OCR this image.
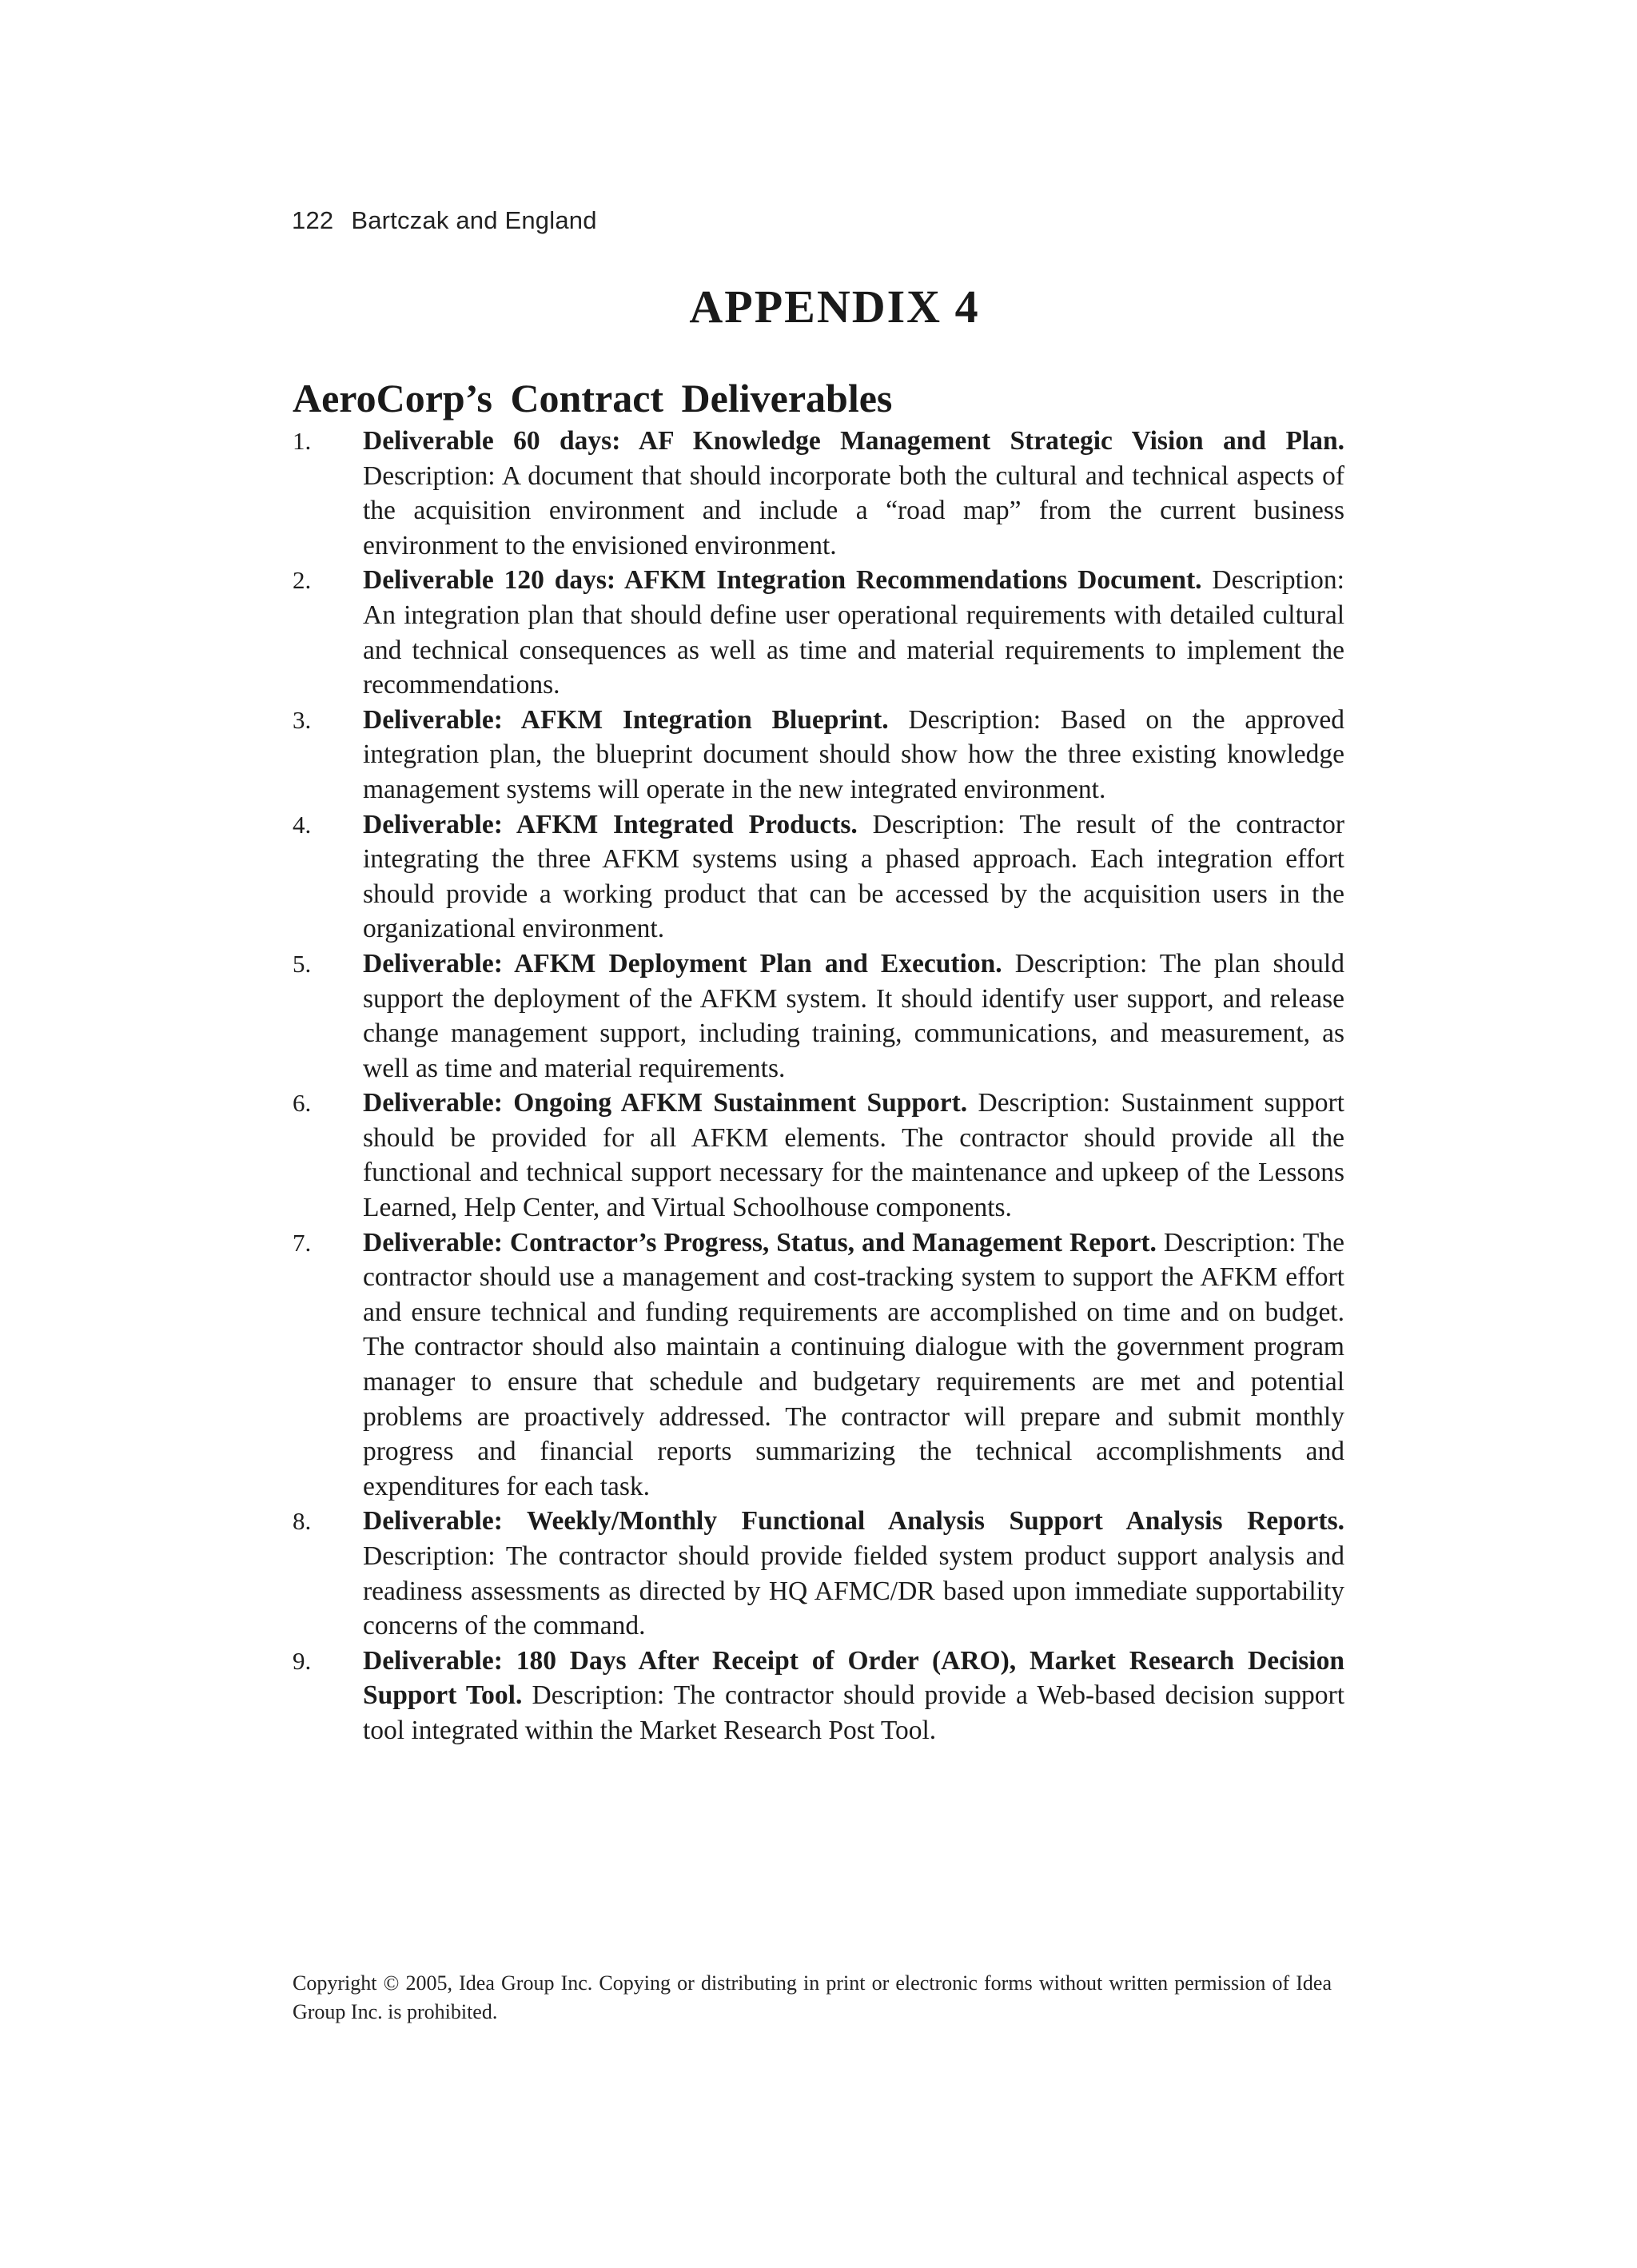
122 Bartczak and England
APPENDIX 4
AeroCorp’s Contract Deliverables
1.	Deliverable 60 days: AF Knowledge Management Strategic Vision and Plan. Description: A document that should incorporate both the cultural and technical aspects of the acquisition environment and include a “road map” from the current business environment to the envisioned environment.
2.	Deliverable 120 days: AFKM Integration Recommendations Document. Description: An integration plan that should define user operational requirements with detailed cultural and technical consequences as well as time and material requirements to implement the recommendations.
3.	Deliverable: AFKM Integration Blueprint. Description: Based on the approved integration plan, the blueprint document should show how the three existing knowledge management systems will operate in the new integrated environment.
4.	Deliverable: AFKM Integrated Products. Description: The result of the contractor integrating the three AFKM systems using a phased approach. Each integration effort should provide a working product that can be accessed by the acquisition users in the organizational environment.
5.	Deliverable: AFKM Deployment Plan and Execution. Description: The plan should support the deployment of the AFKM system. It should identify user support, and release change management support, including training, communications, and measurement, as well as time and material requirements.
6.	Deliverable: Ongoing AFKM Sustainment Support. Description: Sustainment support should be provided for all AFKM elements. The contractor should provide all the functional and technical support necessary for the maintenance and upkeep of the Lessons Learned, Help Center, and Virtual Schoolhouse components.
7.	Deliverable: Contractor’s Progress, Status, and Management Report. Description: The contractor should use a management and cost-tracking system to support the AFKM effort and ensure technical and funding requirements are accomplished on time and on budget. The contractor should also maintain a continuing dialogue with the government program manager to ensure that schedule and budgetary requirements are met and potential problems are proactively addressed. The contractor will prepare and submit monthly progress and financial reports summarizing the technical accomplishments and expenditures for each task.
8.	Deliverable: Weekly/Monthly Functional Analysis Support Analysis Reports. Description: The contractor should provide fielded system product support analysis and readiness assessments as directed by HQ AFMC/DR based upon immediate supportability concerns of the command.
9.	Deliverable: 180 Days After Receipt of Order (ARO), Market Research Decision Support Tool. Description: The contractor should provide a Web-based decision support tool integrated within the Market Research Post Tool.
Copyright © 2005, Idea Group Inc. Copying or distributing in print or electronic forms without written permission of Idea Group Inc. is prohibited.
